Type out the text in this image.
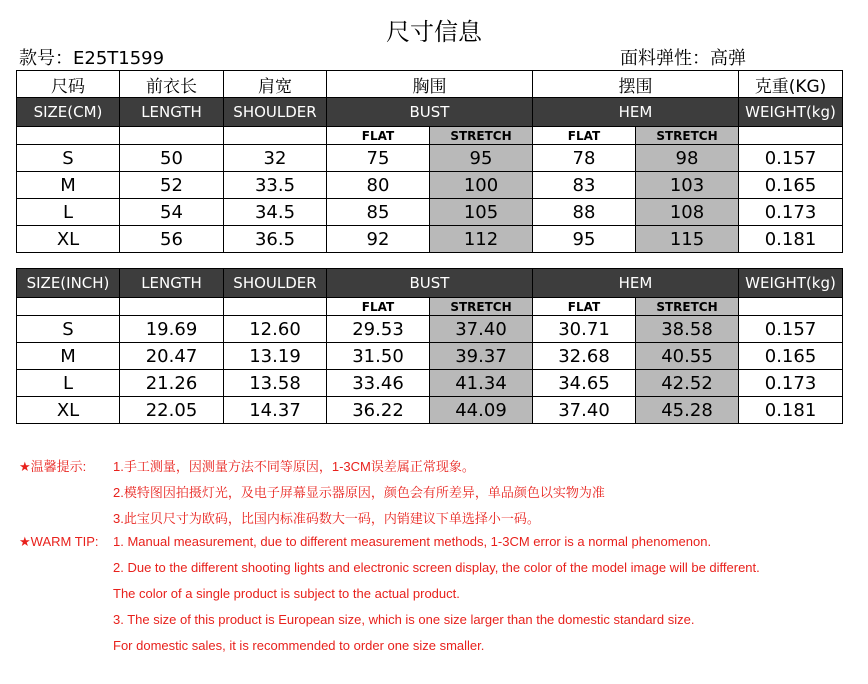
尺寸信息
款号：E25T1599	面料弹性：高弹
尺码	前衣长	肩宽	胸围		摆围		克重(KG)
SIZE(CM)	LENGTH	SHOULDER	BUST		HEM		WEIGHT(kg)
			FLAT	STRETCH	FLAT	STRETCH	
S	50	32	75	95	78	98	0.157
M	52	33.5	80	100	83	103	0.165
L	54	34.5	85	105	88	108	0.173
XL	56	36.5	92	112	95	115	0.181
SIZE(INCH)	LENGTH	SHOULDER	BUST		HEM		WEIGHT(kg)
			FLAT	STRETCH	FLAT	STRETCH	
S	19.69	12.60	29.53	37.40	30.71	38.58	0.157
M	20.47	13.19	31.50	39.37	32.68	40.55	0.165
L	21.26	13.58	33.46	41.34	34.65	42.52	0.173
XL	22.05	14.37	36.22	44.09	37.40	45.28	0.181
★温馨提示: 1.手工测量，因测量方法不同等原因，1-3CM误差属正常现象。
2.模特图因拍摄灯光，及电子屏幕显示器原因，颜色会有所差异，单品颜色以实物为准
3.此宝贝尺寸为欧码，比国内标准码数大一码，内销建议下单选择小一码。
★WARM TIP: 1. Manual measurement, due to different measurement methods, 1-3CM error is a normal phenomenon.
2. Due to the different shooting lights and electronic screen display, the color of the model image will be different.
The color of a single product is subject to the actual product.
3. The size of this product is European size, which is one size larger than the domestic standard size.
For domestic sales, it is recommended to order one size smaller.
